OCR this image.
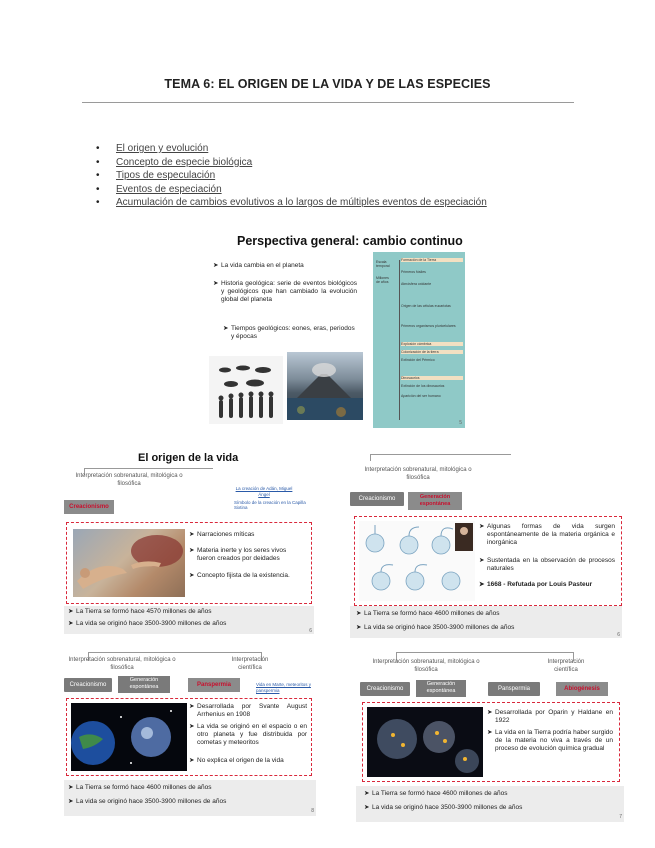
TEMA 6: EL ORIGEN DE LA VIDA Y DE LAS ESPECIES
• El origen y evolución
• Concepto de especie biológica
• Tipos de especulación
• Eventos de especiación
• Acumulación de cambios evolutivos a lo largos de múltiples eventos de especiación
Perspectiva general: cambio continuo
➤ La vida cambia en el planeta
➤ Historia geológica: serie de eventos biológicos y geológicos que han cambiado la evolución global del planeta
➤ Tiempos geológicos: eones, eras, periodos y épocas
Escala
temporal
Millones
de años
Formación de la Tierra
Primeros fósiles
Atmósfera oxidante
Origen de las células eucariotas
Primeros organismos pluricelulares
Explosión cámbrica
Colonización de la tierra
Extinción del Pérmico
Dinosaurios
Extinción de los dinosaurios
Aparición del ser humano
5
El origen de la vida
Interpretación sobrenatural, mitológica o filosófica
Creacionismo
La creación de Adán, Miguel Ángel
Símbolo de la creación en la Capilla Sixtina
➤ Narraciones míticas
➤ Materia inerte y los seres vivos fueron creados por deidades
➤ Concepto fijista de la existencia.
➤ La Tierra se formó hace 4570 millones de años
➤ La vida se originó hace 3500-3900 millones de años
6
Interpretación sobrenatural, mitológica o filosófica
Creacionismo	Generación espontánea
➤ Algunas formas de vida surgen espontáneamente de la materia orgánica e inorgánica
➤ Sustentada en la observación de procesos naturales
➤ 1668 - Refutada por Louis Pasteur
➤ La Tierra se formó hace 4600 millones de años
➤ La vida se originó hace 3500-3900 millones de años
6
Interpretación sobrenatural, mitológica o filosófica
Interpretación científica
Creacionismo
Generación espontánea	Panspermia	Vida en Marte, meteoritos y panspermia
➤ Desarrollada por Svante August Arrhenius en 1908
➤ La vida se originó en el espacio o en otro planeta y fue distribuida por cometas y meteoritos
➤ No explica el origen de la vida
➤ La Tierra se formó hace 4600 millones de años
➤ La vida se originó hace 3500-3900 millones de años
8
Interpretación sobrenatural, mitológica o filosófica
Interpretación científica
Creacionismo
Generación espontánea	Panspermia	Abiogénesis
➤ Desarrollada por Oparin y Haldane en 1922
➤ La vida en la Tierra podría haber surgido de la materia no viva a través de un proceso de evolución química gradual
➤ La Tierra se formó hace 4600 millones de años
➤ La vida se originó hace 3500-3900 millones de años
7
